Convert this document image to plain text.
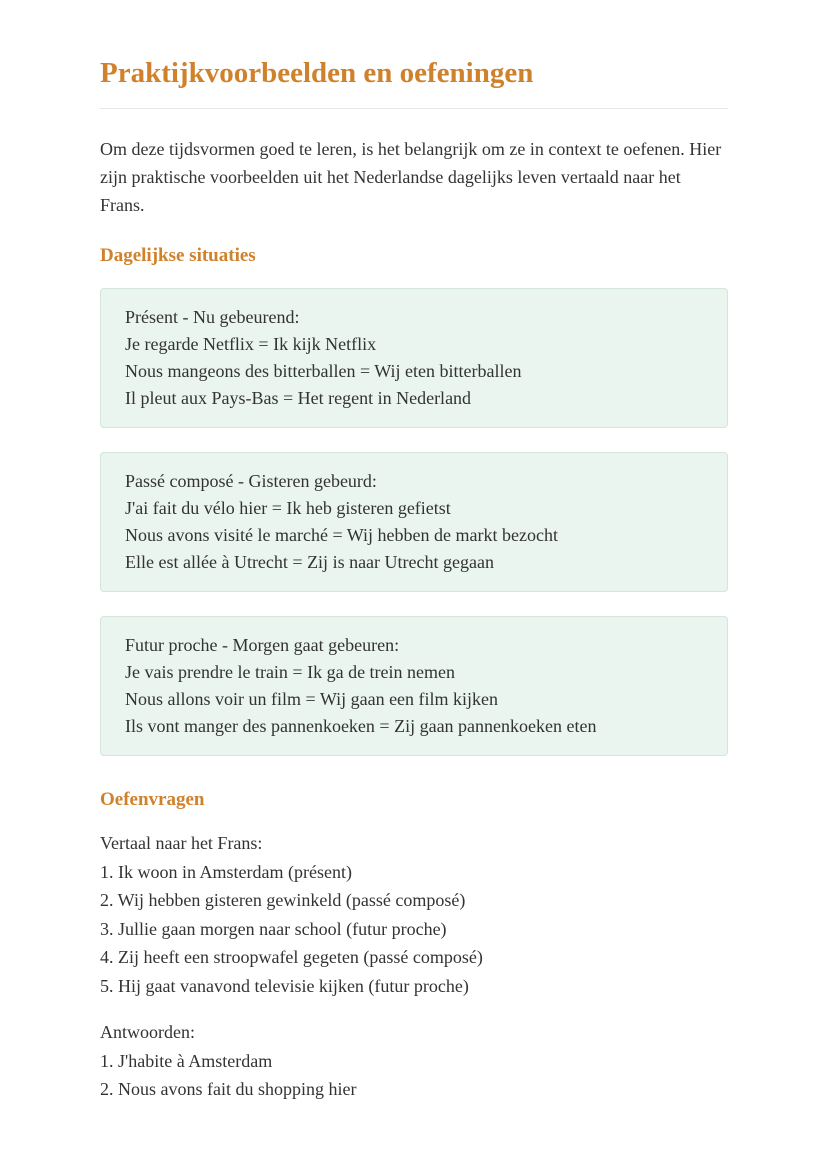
Praktijkvoorbeelden en oefeningen

Om deze tijdsvormen goed te leren, is het belangrijk om ze in context te oefenen. Hier zijn praktische voorbeelden uit het Nederlandse dagelijks leven vertaald naar het Frans.

Dagelijkse situaties
Présent - Nu gebeurend:
Je regarde Netflix = Ik kijk Netflix
Nous mangeons des bitterballen = Wij eten bitterballen
Il pleut aux Pays-Bas = Het regent in Nederland
Passé composé - Gisteren gebeurd:
J'ai fait du vélo hier = Ik heb gisteren gefietst
Nous avons visité le marché = Wij hebben de markt bezocht
Elle est allée à Utrecht = Zij is naar Utrecht gegaan
Futur proche - Morgen gaat gebeuren:
Je vais prendre le train = Ik ga de trein nemen
Nous allons voir un film = Wij gaan een film kijken
Ils vont manger des pannenkoeken = Zij gaan pannenkoeken eten
Oefenvragen
Vertaal naar het Frans:
1. Ik woon in Amsterdam (présent)
2. Wij hebben gisteren gewinkeld (passé composé)
3. Jullie gaan morgen naar school (futur proche)
4. Zij heeft een stroopwafel gegeten (passé composé)
5. Hij gaat vanavond televisie kijken (futur proche)
Antwoorden:
1. J'habite à Amsterdam
2. Nous avons fait du shopping hier
